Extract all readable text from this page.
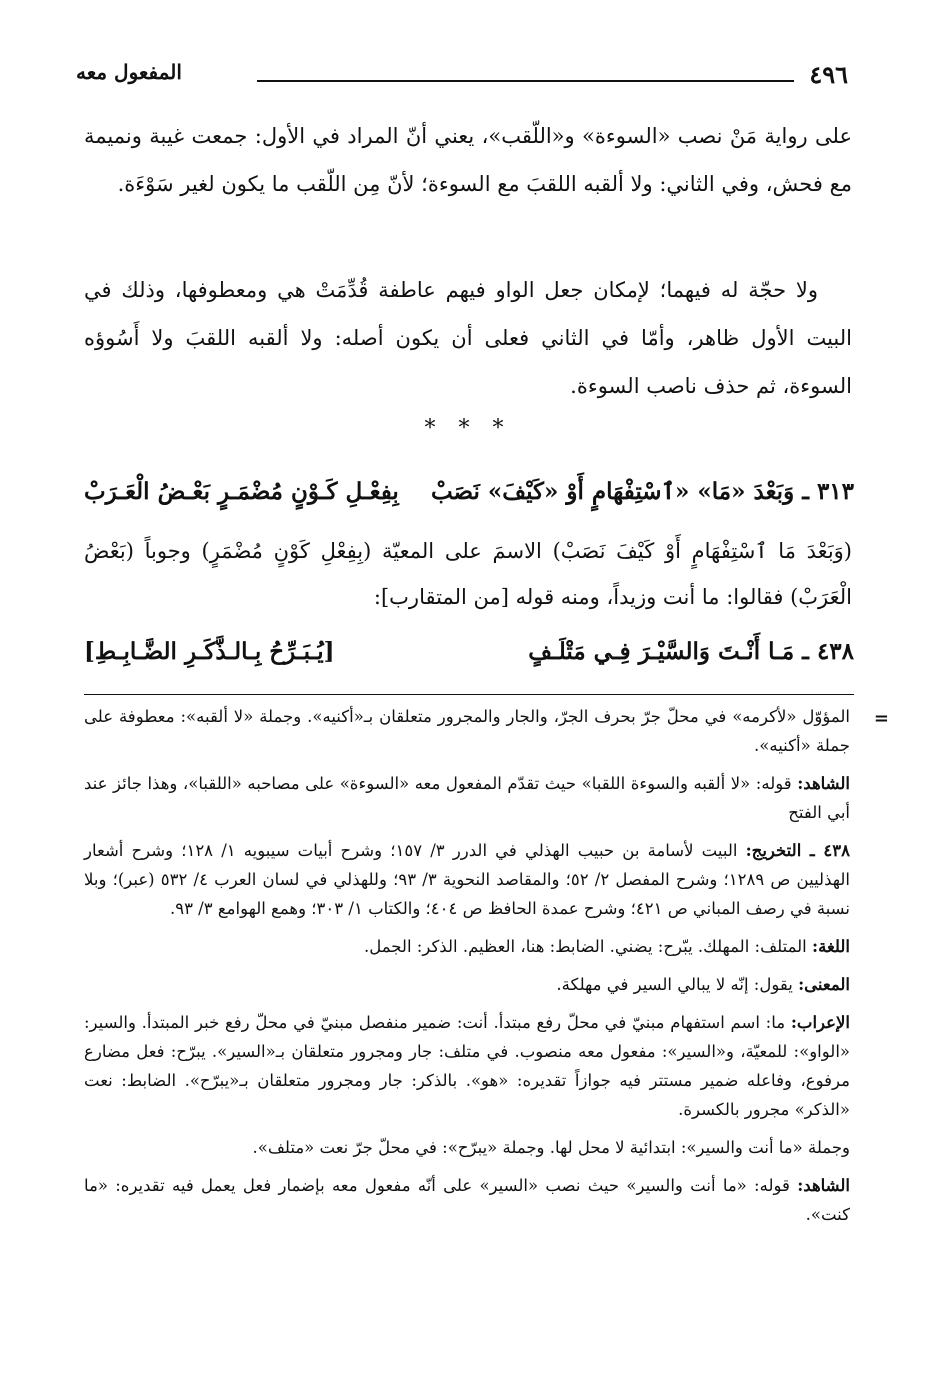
٤٩٦
المفعول معه

على رواية مَنْ نصب «السوءة» و«اللّقب»، يعني أنّ المراد في الأول: جمعت غيبة ونميمة مع فحش، وفي الثاني: ولا ألقبه اللقبَ مع السوءة؛ لأنّ مِن اللّقب ما يكون لغير سَوْءَة.

ولا حجّة له فيهما؛ لإمكان جعل الواو فيهم عاطفة قُدِّمَتْ هي ومعطوفها، وذلك في البيت الأول ظاهر، وأمّا في الثاني فعلى أن يكون أصله: ولا ألقبه اللقبَ ولا أَسُوؤه السوءة، ثم حذف ناصب السوءة.

* * *
٣١٣ ـ وَبَعْدَ «مَا» «ٱسْتِفْهَامٍ أَوْ «كَيْفَ» نَصَبْ
بِفِعْـلِ كَـوْنٍ مُضْمَـرٍ بَعْـضُ الْعَـرَبْ

(وَبَعْدَ مَا ٱسْتِفْهَامٍ أَوْ كَيْفَ نَصَبْ) الاسمَ على المعيّة (بِفِعْلِ كَوْنٍ مُضْمَرٍ) وجوباً (بَعْضُ الْعَرَبْ) فقالوا: ما أنت وزيداً، ومنه قوله [من المتقارب]:

٤٣٨ ـ مَـا أَنْـتَ وَالسَّيْـرَ فِـي مَتْلَـفٍ
[يُـبَـرِّحُ بِـالـذَّكَـرِ الضَّـابِـطِ]
=

المؤوّل «لأكرمه» في محلّ جرّ بحرف الجرّ، والجار والمجرور متعلقان بـ«أكنيه». وجملة «لا ألقبه»: معطوفة على جملة «أكنيه».

الشاهد: قوله: «لا ألقبه والسوءة اللقبا» حيث تقدّم المفعول معه «السوءة» على مصاحبه «اللقبا»، وهذا جائز عند أبي الفتح

٤٣٨ ـ التخريج: البيت لأسامة بن حبيب الهذلي في الدرر ٣/ ١٥٧؛ وشرح أبيات سيبويه ١/ ١٢٨؛ وشرح أشعار الهذليين ص ١٢٨٩؛ وشرح المفصل ٢/ ٥٢؛ والمقاصد النحوية ٣/ ٩٣؛ وللهذلي في لسان العرب ٤/ ٥٣٢ (عبر)؛ وبلا نسبة في رصف المباني ص ٤٢١؛ وشرح عمدة الحافظ ص ٤٠٤؛ والكتاب ١/ ٣٠٣؛ وهمع الهوامع ٣/ ٩٣.

اللغة: المتلف: المهلك. يبّرح: يضني. الضابط: هنا، العظيم. الذكر: الجمل.

المعنى: يقول: إنّه لا يبالي السير في مهلكة.

الإعراب: ما: اسم استفهام مبنيّ في محلّ رفع مبتدأ. أنت: ضمير منفصل مبنيّ في محلّ رفع خبر المبتدأ. والسير: «الواو»: للمعيّة، و«السير»: مفعول معه منصوب. في متلف: جار ومجرور متعلقان بـ«السير». يبرّح: فعل مضارع مرفوع، وفاعله ضمير مستتر فيه جوازاً تقديره: «هو». بالذكر: جار ومجرور متعلقان بـ«يبرّح». الضابط: نعت «الذكر» مجرور بالكسرة.

وجملة «ما أنت والسير»: ابتدائية لا محل لها. وجملة «يبرّح»: في محلّ جرّ نعت «متلف».

الشاهد: قوله: «ما أنت والسير» حيث نصب «السير» على أنّه مفعول معه بإضمار فعل يعمل فيه تقديره: «ما كنت».
